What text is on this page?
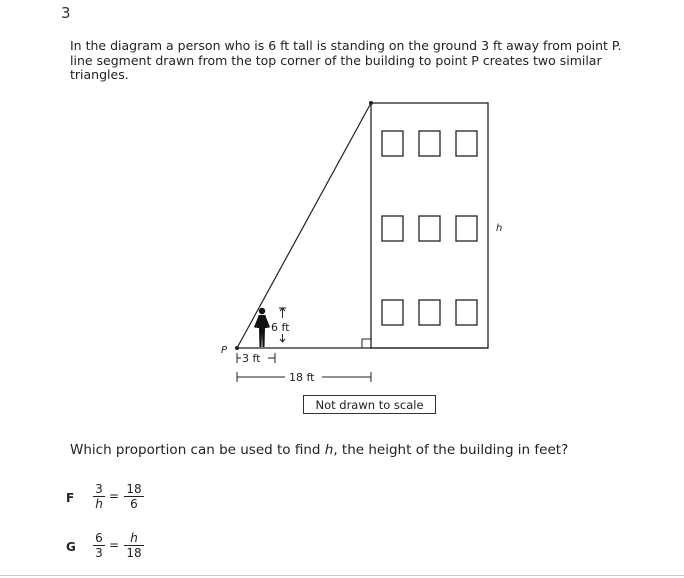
3
In the diagram a person who is 6 ft tall is standing on the ground 3 ft away from point P.
line segment drawn from the top corner of the building to point P creates two similar
triangles.
6 ft
P
3 ft
18 ft
h
Not drawn to scale
Which proportion can be used to find h, the height of the building in feet?
F $\frac{3}{h} = \frac{18}{6}$
G $\frac{6}{3} = \frac{h}{18}$
